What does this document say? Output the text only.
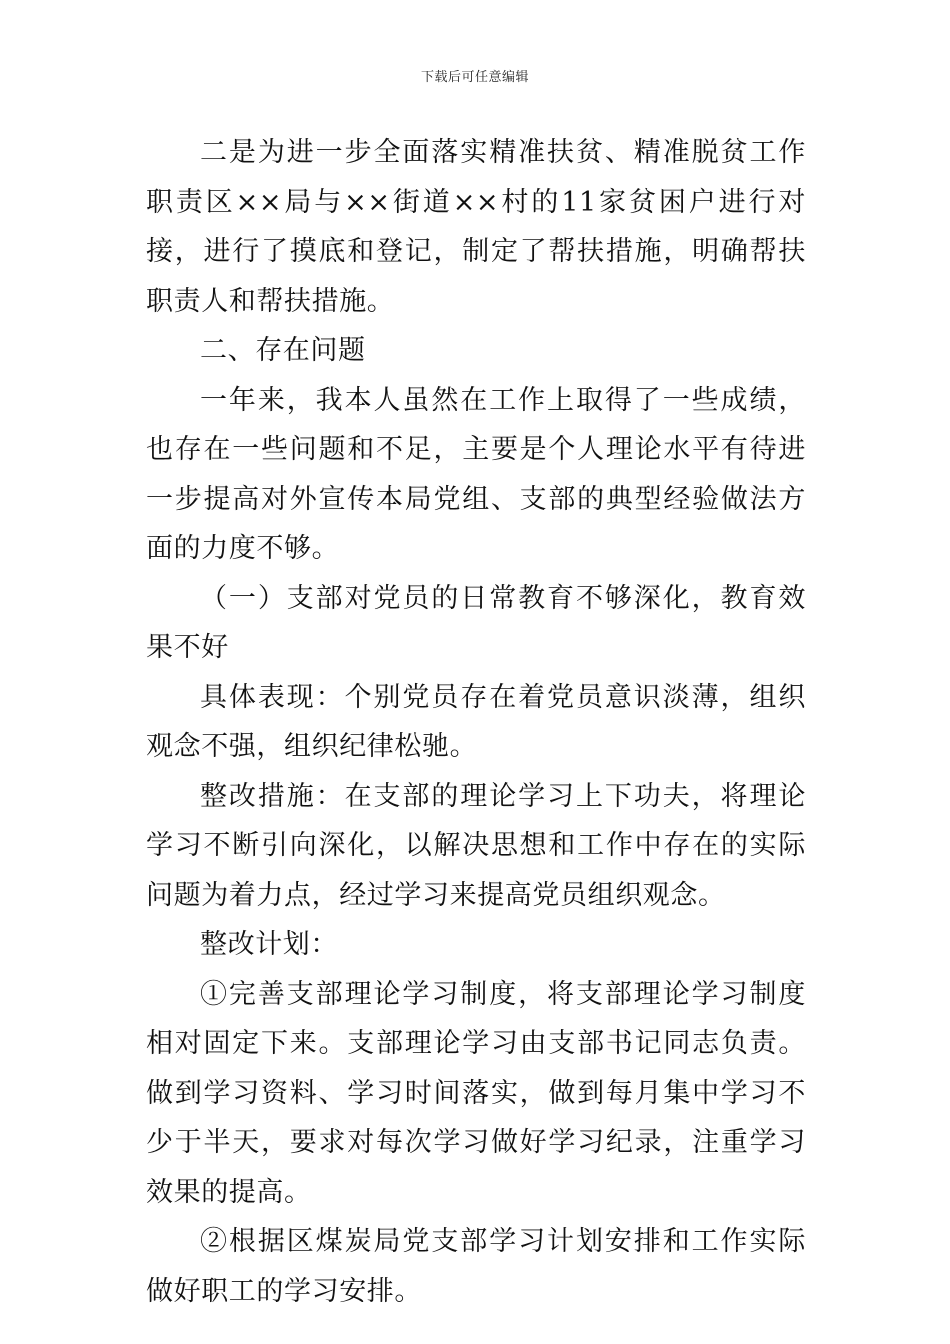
下载后可任意编辑

二是为进一步全面落实精准扶贫、精准脱贫工作职责区××局与××街道××村的11家贫困户进行对接，进行了摸底和登记，制定了帮扶措施，明确帮扶职责人和帮扶措施。

二、存在问题

一年来，我本人虽然在工作上取得了一些成绩，也存在一些问题和不足，主要是个人理论水平有待进一步提高对外宣传本局党组、支部的典型经验做法方面的力度不够。

（一）支部对党员的日常教育不够深化，教育效果不好

具体表现：个别党员存在着党员意识淡薄，组织观念不强，组织纪律松驰。

整改措施：在支部的理论学习上下功夫，将理论学习不断引向深化，以解决思想和工作中存在的实际问题为着力点，经过学习来提高党员组织观念。

整改计划：

①完善支部理论学习制度，将支部理论学习制度相对固定下来。支部理论学习由支部书记同志负责。做到学习资料、学习时间落实，做到每月集中学习不少于半天，要求对每次学习做好学习纪录，注重学习效果的提高。

②根据区煤炭局党支部学习计划安排和工作实际做好职工的学习安排。
